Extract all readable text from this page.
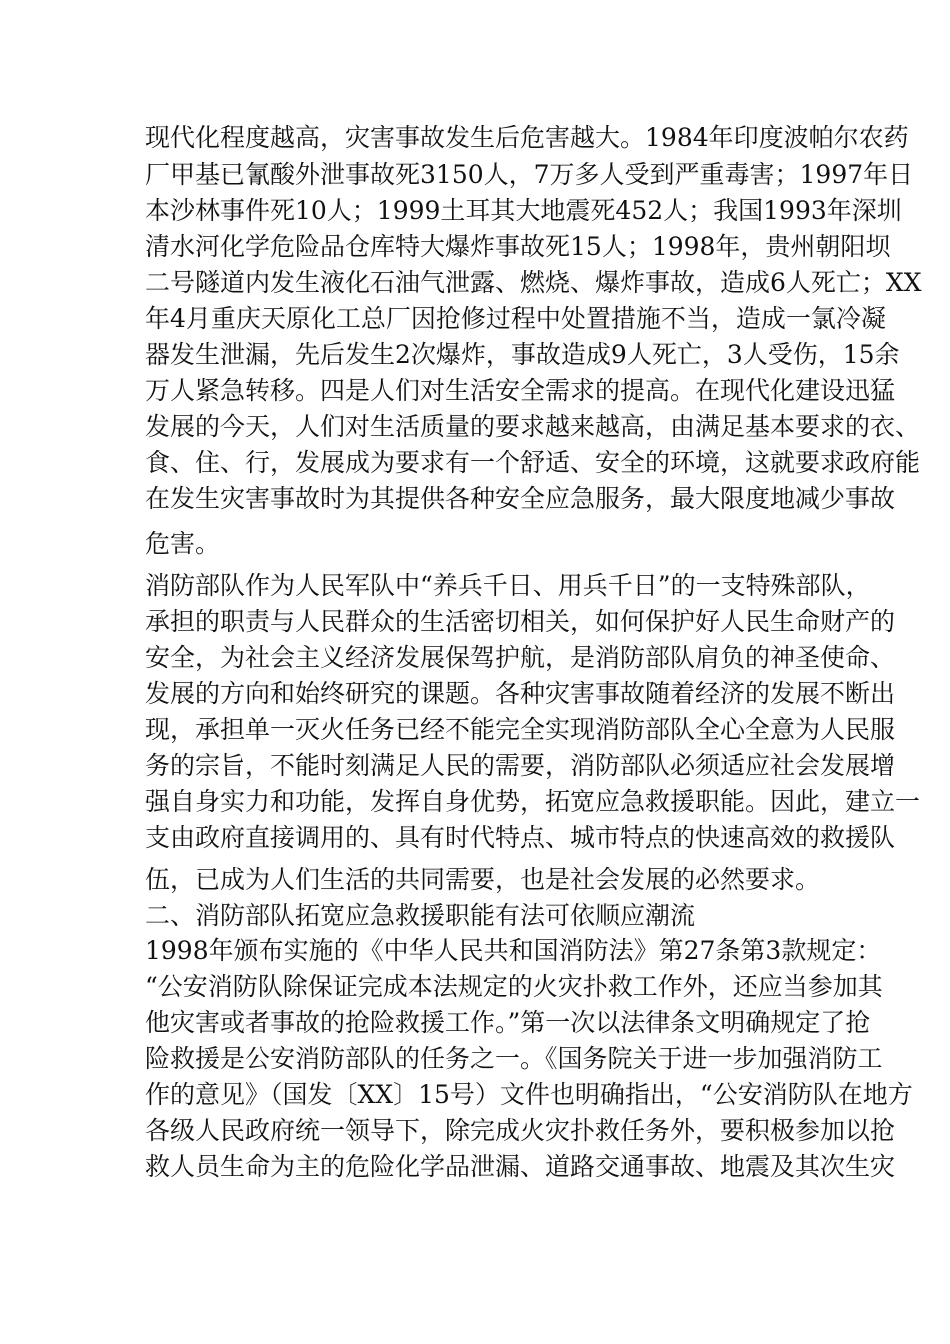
现代化程度越高，灾害事故发生后危害越大。1984年印度波帕尔农药
厂甲基已氰酸外泄事故死3150人，7万多人受到严重毒害；1997年日
本沙林事件死10人；1999土耳其大地震死452人；我国1993年深圳
清水河化学危险品仓库特大爆炸事故死15人；1998年，贵州朝阳坝
二号隧道内发生液化石油气泄露、燃烧、爆炸事故，造成6人死亡；XX
年4月重庆天原化工总厂因抢修过程中处置措施不当，造成一氯冷凝
器发生泄漏，先后发生2次爆炸，事故造成9人死亡，3人受伤，15余
万人紧急转移。四是人们对生活安全需求的提高。在现代化建设迅猛
发展的今天，人们对生活质量的要求越来越高，由满足基本要求的衣、
食、住、行，发展成为要求有一个舒适、安全的环境，这就要求政府能
在发生灾害事故时为其提供各种安全应急服务，最大限度地减少事故
危害。
消防部队作为人民军队中“养兵千日、用兵千日”的一支特殊部队，
承担的职责与人民群众的生活密切相关，如何保护好人民生命财产的
安全，为社会主义经济发展保驾护航，是消防部队肩负的神圣使命、
发展的方向和始终研究的课题。各种灾害事故随着经济的发展不断出
现，承担单一灭火任务已经不能完全实现消防部队全心全意为人民服
务的宗旨，不能时刻满足人民的需要，消防部队必须适应社会发展增
强自身实力和功能，发挥自身优势，拓宽应急救援职能。因此，建立一
支由政府直接调用的、具有时代特点、城市特点的快速高效的救援队
伍，已成为人们生活的共同需要，也是社会发展的必然要求。
二、消防部队拓宽应急救援职能有法可依顺应潮流
1998年颁布实施的《中华人民共和国消防法》第27条第3款规定：
“公安消防队除保证完成本法规定的火灾扑救工作外，还应当参加其
他灾害或者事故的抢险救援工作。”第一次以法律条文明确规定了抢
险救援是公安消防部队的任务之一。《国务院关于进一步加强消防工
作的意见》（国发〔XX〕15号）文件也明确指出，“公安消防队在地方
各级人民政府统一领导下，除完成火灾扑救任务外，要积极参加以抢
救人员生命为主的危险化学品泄漏、道路交通事故、地震及其次生灾
